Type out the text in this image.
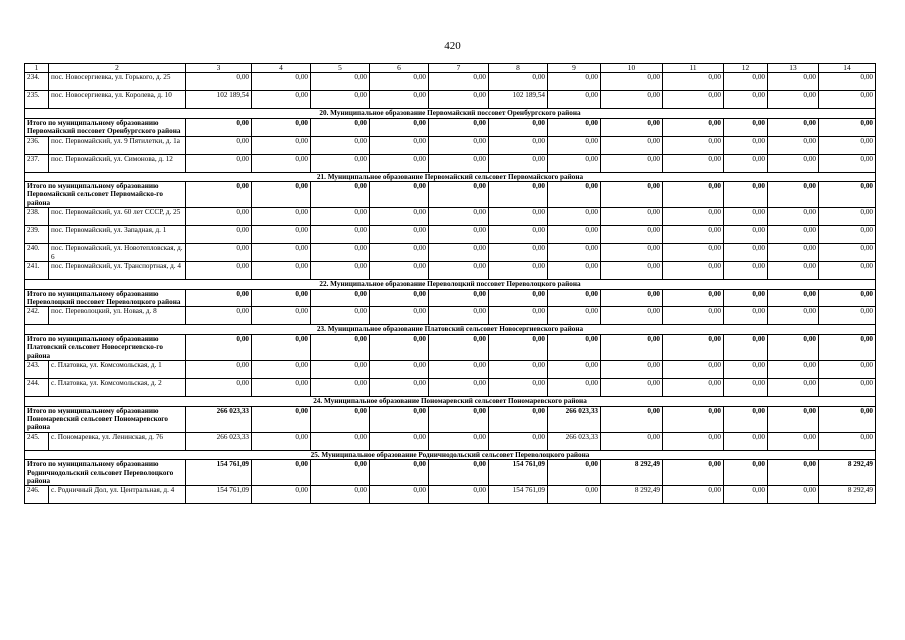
420
1	2	3	4	5	6	7	8	9	10	11	12	13	14
234.	пос. Новосергиевка, ул. Горького, д. 25	0,00	0,00	0,00	0,00	0,00	0,00	0,00	0,00	0,00	0,00	0,00	0,00
235.	пос. Новосергиевка, ул. Королева, д. 10	102 189,54	0,00	0,00	0,00	0,00	102 189,54	0,00	0,00	0,00	0,00	0,00	0,00
20. Муниципальное образование Первомайский поссовет Оренбургского района													
Итого по муниципальному образованию Первомайский поссовет Оренбургского района		0,00	0,00	0,00	0,00	0,00	0,00	0,00	0,00	0,00	0,00	0,00	0,00
236.	пос. Первомайский, ул. 9 Пятилетки, д. 1а	0,00	0,00	0,00	0,00	0,00	0,00	0,00	0,00	0,00	0,00	0,00	0,00
237.	пос. Первомайский, ул. Симонова, д. 12	0,00	0,00	0,00	0,00	0,00	0,00	0,00	0,00	0,00	0,00	0,00	0,00
21. Муниципальное образование Первомайский сельсовет Первомайского района													
Итого по муниципальному образованию Первомайский сельсовет Первомайско-го района		0,00	0,00	0,00	0,00	0,00	0,00	0,00	0,00	0,00	0,00	0,00	0,00
238.	пос. Первомайский, ул. 60 лет СССР, д. 25	0,00	0,00	0,00	0,00	0,00	0,00	0,00	0,00	0,00	0,00	0,00	0,00
239.	пос. Первомайский, ул. Западная, д. 1	0,00	0,00	0,00	0,00	0,00	0,00	0,00	0,00	0,00	0,00	0,00	0,00
240.	пос. Первомайский, ул. Новотепловская, д. 6	0,00	0,00	0,00	0,00	0,00	0,00	0,00	0,00	0,00	0,00	0,00	0,00
241.	пос. Первомайский, ул. Транспортная, д. 4	0,00	0,00	0,00	0,00	0,00	0,00	0,00	0,00	0,00	0,00	0,00	0,00
22. Муниципальное образование Переволоцкий поссовет Переволоцкого района													
Итого по муниципальному образованию Переволоцкий поссовет Переволоцкого района		0,00	0,00	0,00	0,00	0,00	0,00	0,00	0,00	0,00	0,00	0,00	0,00
242.	пос. Переволоцкий, ул. Новая, д. 8	0,00	0,00	0,00	0,00	0,00	0,00	0,00	0,00	0,00	0,00	0,00	0,00
23. Муниципальное образование Платовский сельсовет Новосергиевского района													
Итого по муниципальному образованию Платовский сельсовет Новосергиевско-го района		0,00	0,00	0,00	0,00	0,00	0,00	0,00	0,00	0,00	0,00	0,00	0,00
243.	с. Платовка, ул. Комсомольская, д. 1	0,00	0,00	0,00	0,00	0,00	0,00	0,00	0,00	0,00	0,00	0,00	0,00
244.	с. Платовка, ул. Комсомольская, д. 2	0,00	0,00	0,00	0,00	0,00	0,00	0,00	0,00	0,00	0,00	0,00	0,00
24. Муниципальное образование Пономаревский сельсовет Пономаревского района													
Итого по муниципальному образованию Пономаревский сельсовет Пономаревского района		266 023,33	0,00	0,00	0,00	0,00	0,00	266 023,33	0,00	0,00	0,00	0,00	0,00
245.	с. Пономаревка, ул. Ленинская, д. 76	266 023,33	0,00	0,00	0,00	0,00	0,00	266 023,33	0,00	0,00	0,00	0,00	0,00
25. Муниципальное образование Родничнодольский сельсовет Переволоцкого района													
Итого по муниципальному образованию Родничнодольский сельсовет Переволоцкого района		154 761,09	0,00	0,00	0,00	0,00	154 761,09	0,00	8 292,49	0,00	0,00	0,00	8 292,49
246.	с. Родничный Дол, ул. Центральная, д. 4	154 761,09	0,00	0,00	0,00	0,00	154 761,09	0,00	8 292,49	0,00	0,00	0,00	8 292,49
